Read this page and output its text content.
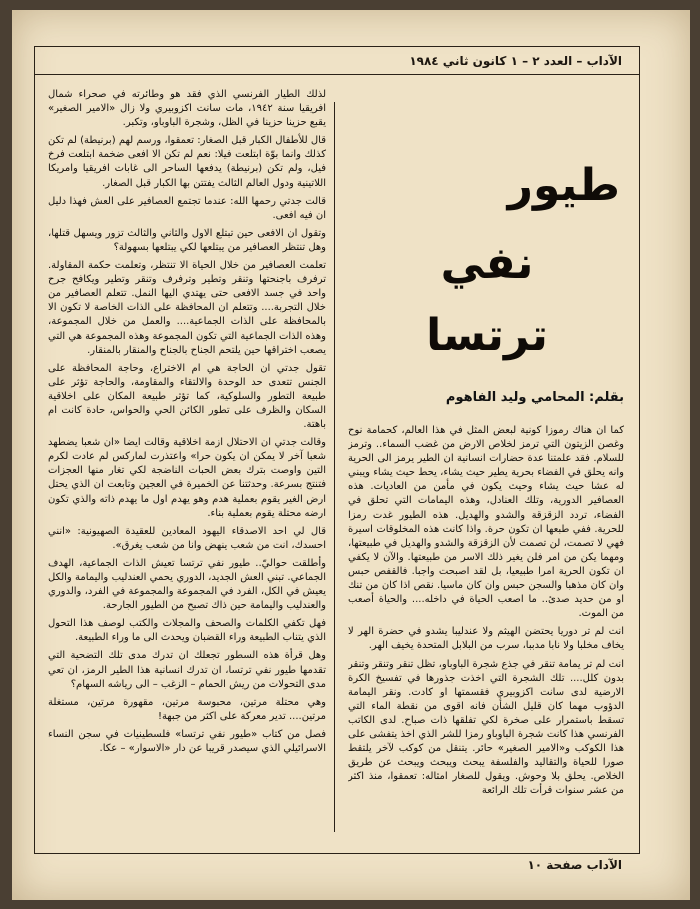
الآداب – العدد ٢ – ١ كانون ثاني ١٩٨٤

لذلك الطيار الفرنسي الذي فقد هو وطائرته في صحراء شمال افريقيا سنة ١٩٤٢، مات سانت اكزوبيري ولا زال «الامير الصغير» يقبع حزينا حزينا في الظل، وشجرة الباوباو، وتكبر.

قال للأطفال الكبار قبل الصغار: تعمقوا، ورسم لهم (برنيطة) لم تكن كذلك وانما بوّة ابتلعت فيلا: نعم لم تكن الا افعى ضخمة ابتلعت فرخ فيل، ولم تكن (برنيطة) يدفعها الساحر الى غابات افريقيا وامريكا اللاتينية ودول العالم الثالث يفتتن بها الكبار قبل الصغار.

قالت جدتي رحمها الله: عندما تجتمع العصافير على العش فهذا دليل ان فيه افعى.

وتقول ان الافعى حين تبتلع الاول والثاني والثالث تزور ويسهل قتلها، وهل تنتظر العصافير من يبتلعها لكي يبتلعها بسهولة؟

تعلمت العصافير من خلال الحياة الا تنتظر، وتعلمت حكمة المقاولة. ترفرف باجنحتها وتنقر وتطير وترفرف وتنقر وتطير ويكافح جرح واحد في جسد الافعى حتى يهتدي اليها النمل. تتعلم العصافير من خلال التجربة.... وتتعلم ان المحافظة على الذات الخاصة لا تكون الا بالمحافظة على الذات الجماعية.... والعمل من خلال المجموعة، وهذه الذات الجماعية التي تكون المجموعة وهذه المجموعة هي التي يصعب اختراقها حين يلتحم الجناح بالجناح والمنقار بالمنقار.

تقول جدتي ان الحاجة هي ام الاختراع، وحاجة المحافظة على الجنس تتعدى حد الوحدة والالتقاء والمقاومة، والحاجة تؤثر على طبيعة التطور والسلوكية، كما تؤثر طبيعة المكان على اخلاقية السكان والظرف على تطور الكائن الحي والحواس، حادة كانت ام باهتة.

وقالت جدتي ان الاحتلال ازمة اخلاقية وقالت ايضا «ان شعبا يضطهد شعبا آخر لا يمكن ان يكون حرا» واعتذرت لماركس لم عادت لكرم التين واوصت بترك بعض الحبات الناضجة لكي تغار منها العجزات فتنتج بسرعة. وحدثتنا عن الخميرة في العجين وتابعت ان الذي يحتل ارض الغير يقوم بعملية هدم وهو يهدم اول ما يهدم ذاته والذي تكون ارضه محتلة يقوم بعملية بناء.

قال لي احد الاصدقاء اليهود المعادين للعقيدة الصهيونية: «انني احسدك، انت من شعب ينهض وانا من شعب يغرق».

وأطلقت حواليّ.. طيور نفي ترتسا تعيش الذات الجماعية، الهدف الجماعي. تبني العش الجديد، الدوري يحمي العندليب واليمامة والكل يعيش في الكل، الفرد في المجموعة والمجموعة في الفرد، والدوري والعندليب واليمامة حين ذاك تصبح من الطيور الجارحة.

فهل تكفي الكلمات والصحف والمجلات والكتب لوصف هذا التحول الذي يتناب الطبيعة وراء القضبان ويحدث الى ما وراء الطبيعة.

وهل قرأة هذه السطور تجعلك ان تدرك مدى تلك التضحية التي تقدمها طيور نفي ترتسا، ان تدرك انسانية هذا الطير الرمز، ان تعي مدى التحولات من ريش الحمام – الزغب – الى رياشه السهام؟

وهي محتلة مرتين، محبوسة مرتين، مقهورة مرتين، مستغلة مرتين.... تدير معركة على اكثر من جبهة!

فصل من كتاب «طيور نفي ترتسا» فلسطينيات في سجن النساء الاسرائيلي الذي سيصدر قريبا عن دار «الاسوار» – عكا.

طيور
نفي
ترتسا
بقلم: المحامي وليد الفاهوم

كما ان هناك رموزا كونية لبعض المثل في هذا العالم، كحمامة نوح وغصن الزيتون التي ترمز لخلاص الارض من غضب السماء.. وترمز للسلام. فقد علمتنا عدة حضارات انسانية ان الطير يرمز الى الحرية وانه يحلق في الفضاء بحرية يطير حيث يشاء، يحط حيث يشاء ويبني له عشا حيث يشاء وحيث يكون في مأمن من العاديات. هذه العصافير الدورية، وتلك العنادل، وهذه اليمامات التي تحلق في الفضاء، تردد الزقزقة والشدو والهديل. هذه الطيور غدت رمزا للحرية. ففي طبعها ان تكون حرة. واذا كانت هذه المخلوقات اسيرة فهي لا تصمت، لن تصمت لأن الزقزقة والشدو والهديل في طبيعتها، ومهما يكن من امر فلن يغير ذلك الاسر من طبيعتها. والآن لا يكفي ان تكون الحرية امرا طبيعيا، بل لقد اصبحت واجبا. فالقفص حبس وان كان مذهبا والسجن حبس وان كان ماسيا. نقص اذا كان من تنك او من حديد صدئ.. ما اصعب الحياة في داخله.... والحياة أصعب من الموت.

انت لم تر دوريا يحتضن الهيثم ولا عندليبا يشدو في حضرة الهر لا يخاف مخلبا ولا نابا مدببا، سرب من البلابل المتحدة يخيف الهر.

انت لم تر يمامة تنقر في جذع شجرة الباوباو، تظل تنقر وتنقر وتنقر بدون كلل.... تلك الشجرة التي اخذت جذورها في تفسيخ الكرة الارضية لدى سانت اكزوبيري فقسمتها او كادت. ونقر اليمامة الدؤوب مهما كان قليل الشأن فانه اقوى من نقطة الماء التي تسقط باستمرار على صخرة لكي تفلقها ذات صباح. لدى الكاتب الفرنسي هذا كانت شجرة الباوباو رمزا للشر الذي اخذ يتفشى على هذا الكوكب و«الامير الصغير» حائر. يتنقل من كوكب لآخر يلتقط صورا للحياة والتقاليد والفلسفة يبحث ويبحث ويبحث عن طريق الخلاص. يحلق بلا وحوش. ويقول للصغار امثاله: تعمقوا، منذ اكثر من عشر سنوات قرأت تلك الرائعة

الآداب صفحة ١٠
